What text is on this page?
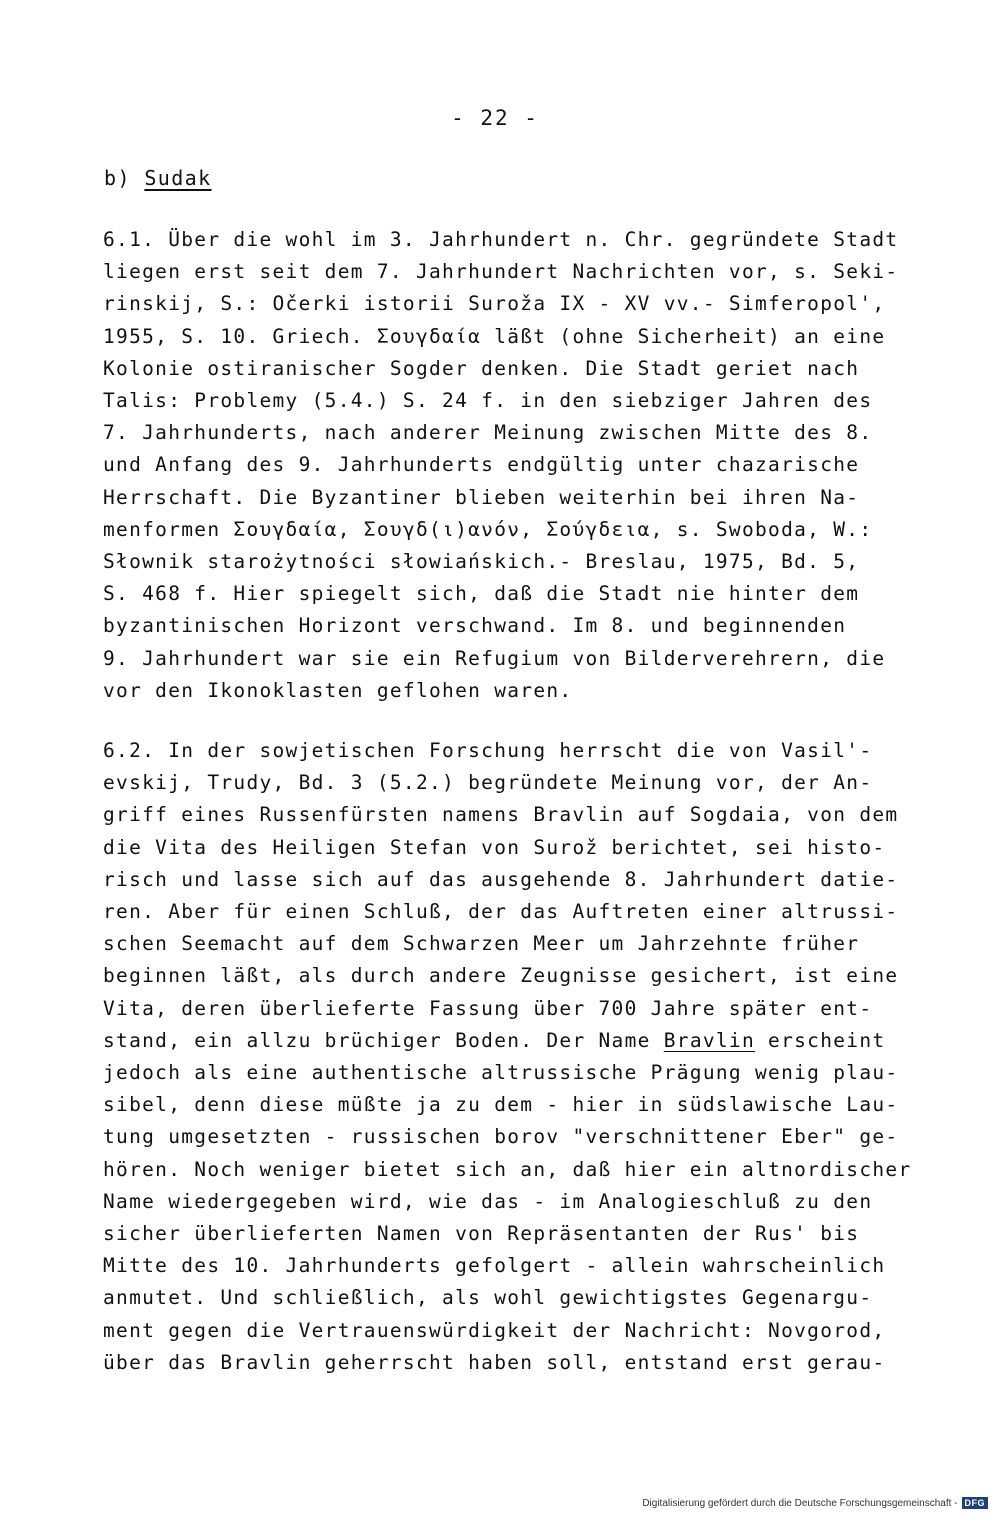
- 22 -
b) Sudak
6.1. Über die wohl im 3. Jahrhundert n. Chr. gegründete Stadt
liegen erst seit dem 7. Jahrhundert Nachrichten vor, s. Seki-
rinskij, S.: Očerki istorii Suroža IX - XV vv.- Simferopol',
1955, S. 10. Griech. Σουγδαία läßt (ohne Sicherheit) an eine
Kolonie ostiranischer Sogder denken. Die Stadt geriet nach
Talis: Problemy (5.4.) S. 24 f. in den siebziger Jahren des
7. Jahrhunderts, nach anderer Meinung zwischen Mitte des 8.
und Anfang des 9. Jahrhunderts endgültig unter chazarische
Herrschaft. Die Byzantiner blieben weiterhin bei ihren Na-
menformen Σουγδαία, Σουγδ(ι)ανόν, Σούγδεια, s. Swoboda, W.:
Słownik starożytności słowiańskich.- Breslau, 1975, Bd. 5,
S. 468 f. Hier spiegelt sich, daß die Stadt nie hinter dem
byzantinischen Horizont verschwand. Im 8. und beginnenden
9. Jahrhundert war sie ein Refugium von Bilderverehrern, die
vor den Ikonoklasten geflohen waren.
6.2. In der sowjetischen Forschung herrscht die von Vasil'-
evskij, Trudy, Bd. 3 (5.2.) begründete Meinung vor, der An-
griff eines Russenfürsten namens Bravlin auf Sogdaia, von dem
die Vita des Heiligen Stefan von Surož berichtet, sei histo-
risch und lasse sich auf das ausgehende 8. Jahrhundert datie-
ren. Aber für einen Schluß, der das Auftreten einer altrussi-
schen Seemacht auf dem Schwarzen Meer um Jahrzehnte früher
beginnen läßt, als durch andere Zeugnisse gesichert, ist eine
Vita, deren überlieferte Fassung über 700 Jahre später ent-
stand, ein allzu brüchiger Boden. Der Name Bravlin erscheint
jedoch als eine authentische altrussische Prägung wenig plau-
sibel, denn diese müßte ja zu dem - hier in südslawische Lau-
tung umgesetzten - russischen borov "verschnittener Eber" ge-
hören. Noch weniger bietet sich an, daß hier ein altnordischer
Name wiedergegeben wird, wie das - im Analogieschluß zu den
sicher überlieferten Namen von Repräsentanten der Rus' bis
Mitte des 10. Jahrhunderts gefolgert - allein wahrscheinlich
anmutet. Und schließlich, als wohl gewichtigstes Gegenargu-
ment gegen die Vertrauenswürdigkeit der Nachricht: Novgorod,
über das Bravlin geherrscht haben soll, entstand erst gerau-
Digitalisierung gefördert durch die Deutsche Forschungsgemeinschaft - DFG
